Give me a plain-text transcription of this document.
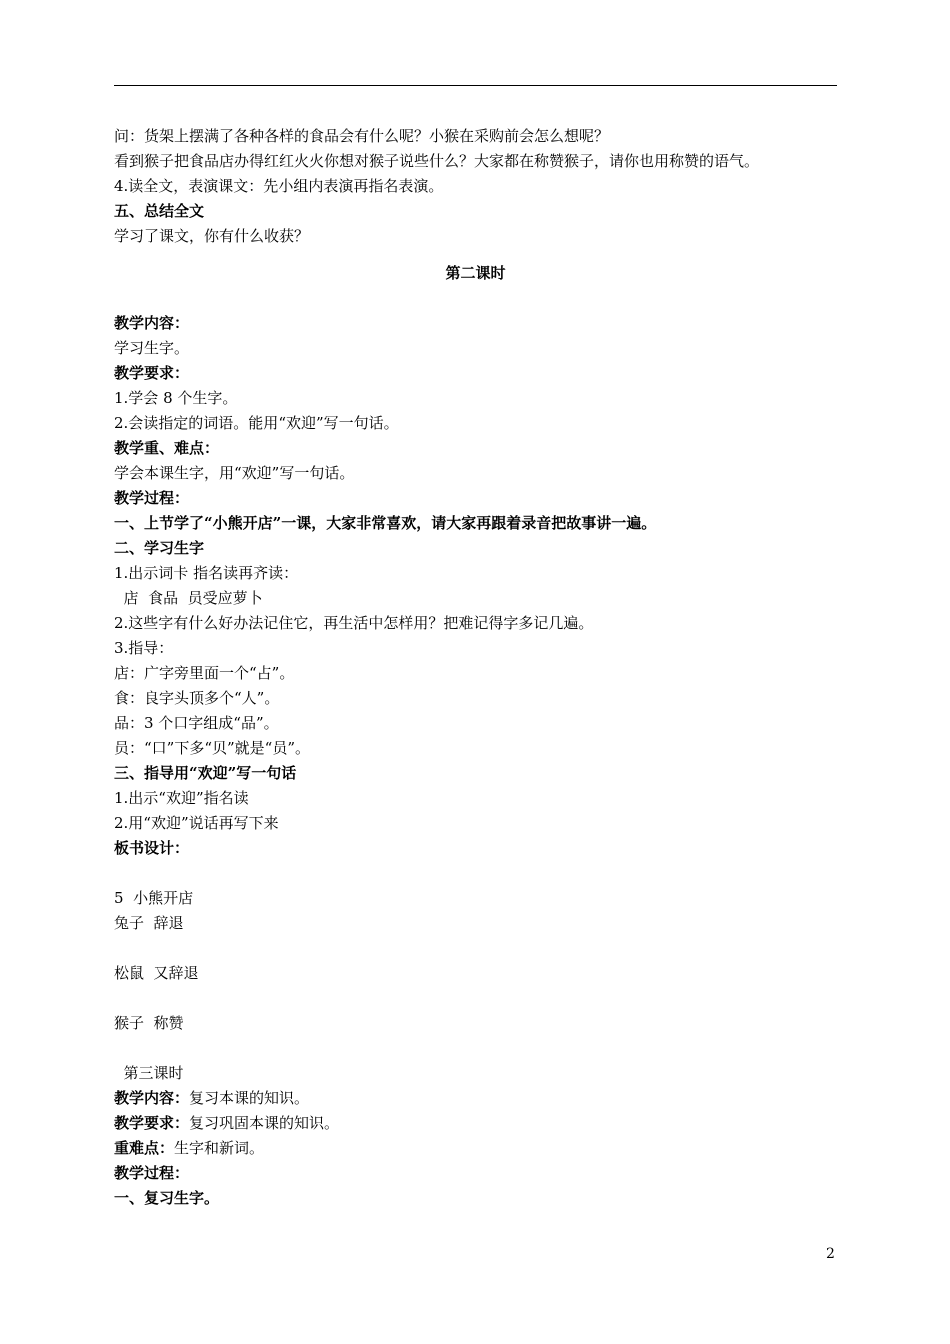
问：货架上摆满了各种各样的食品会有什么呢？小猴在采购前会怎么想呢？
看到猴子把食品店办得红红火火你想对猴子说些什么？大家都在称赞猴子，请你也用称赞的语气。
4.读全文，表演课文：先小组内表演再指名表演。
五、总结全文
学习了课文，你有什么收获？
第二课时
教学内容：
学习生字。
教学要求：
1.学会 8 个生字。
2.会读指定的词语。能用“欢迎”写一句话。
教学重、难点：
学会本课生字，用“欢迎”写一句话。
教学过程：
一、上节学了“小熊开店”一课，大家非常喜欢，请大家再跟着录音把故事讲一遍。
二、学习生字
1.出示词卡 指名读再齐读：
店  食品  员受应萝卜
2.这些字有什么好办法记住它，再生活中怎样用？把难记得字多记几遍。
3.指导：
店：广字旁里面一个“占”。
食：良字头顶多个“人”。
品：3 个口字组成“品”。
员：“口”下多“贝”就是“员”。
三、指导用“欢迎”写一句话
1.出示“欢迎”指名读
2.用“欢迎”说话再写下来
板书设计：
5  小熊开店
兔子  辞退
松鼠  又辞退
猴子  称赞
第三课时
教学内容：复习本课的知识。
教学要求：复习巩固本课的知识。
重难点：生字和新词。
教学过程：
一、复习生字。
2
